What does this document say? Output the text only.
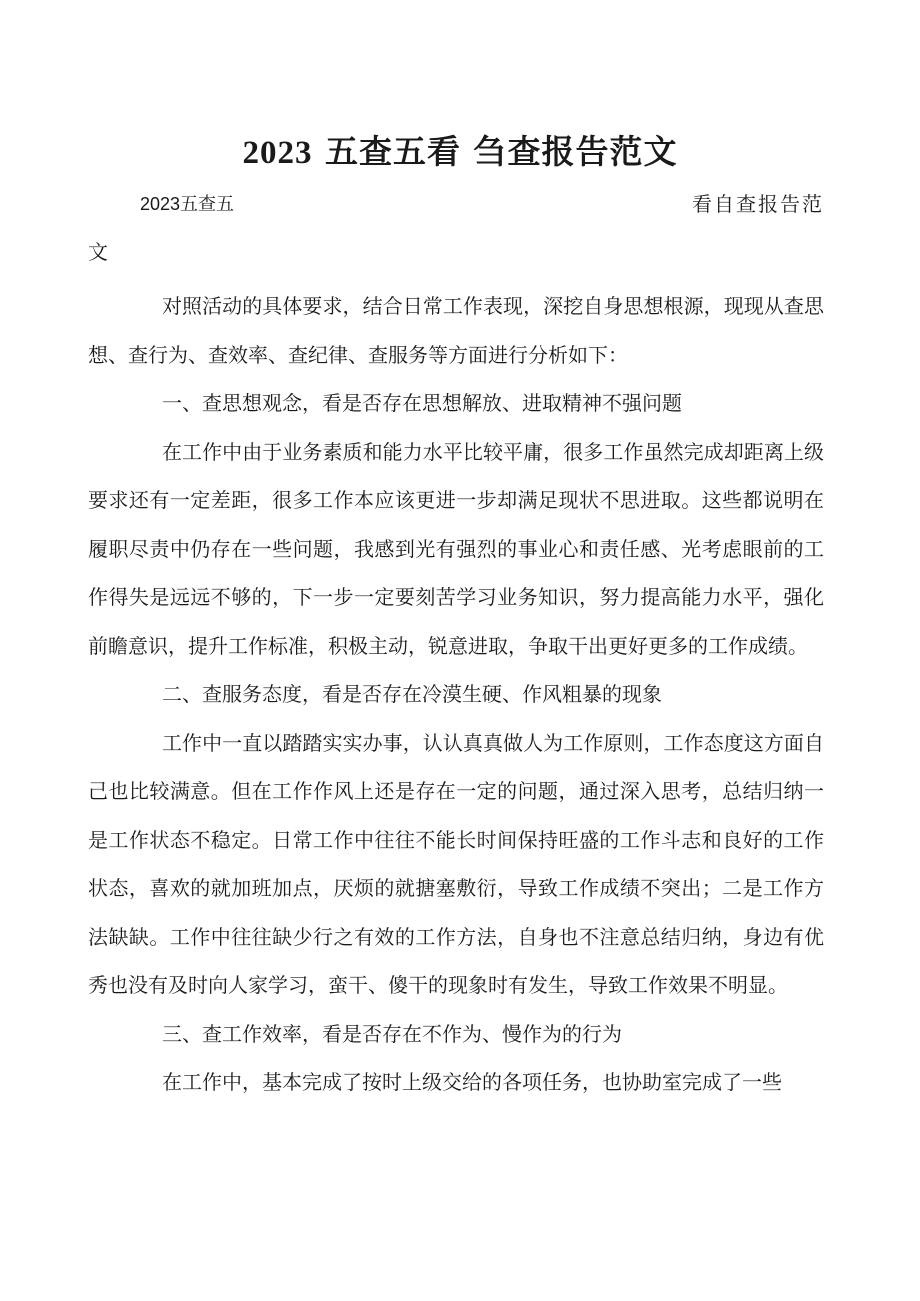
2023 五查五看 刍查报告范文
2023五查五	看自查报告范
文

对照活动的具体要求，结合日常工作表现，深挖自身思想根源，现现从查思想、查行为、查效率、查纪律、查服务等方面进行分析如下：

一、查思想观念，看是否存在思想解放、进取精神不强问题

在工作中由于业务素质和能力水平比较平庸，很多工作虽然完成却距离上级要求还有一定差距，很多工作本应该更进一步却满足现状不思进取。这些都说明在履职尽责中仍存在一些问题，我感到光有强烈的事业心和责任感、光考虑眼前的工作得失是远远不够的，下一步一定要刻苦学习业务知识，努力提高能力水平，强化前瞻意识，提升工作标准，积极主动，锐意进取，争取干出更好更多的工作成绩。

二、查服务态度，看是否存在冷漠生硬、作风粗暴的现象

工作中一直以踏踏实实办事，认认真真做人为工作原则，工作态度这方面自己也比较满意。但在工作作风上还是存在一定的问题，通过深入思考，总结归纳一是工作状态不稳定。日常工作中往往不能长时间保持旺盛的工作斗志和良好的工作状态，喜欢的就加班加点，厌烦的就搪塞敷衍，导致工作成绩不突出；二是工作方法缺缺。工作中往往缺少行之有效的工作方法，自身也不注意总结归纳，身边有优秀也没有及时向人家学习，蛮干、傻干的现象时有发生，导致工作效果不明显。

三、查工作效率，看是否存在不作为、慢作为的行为

在工作中，基本完成了按时上级交给的各项任务，也协助室完成了一些
